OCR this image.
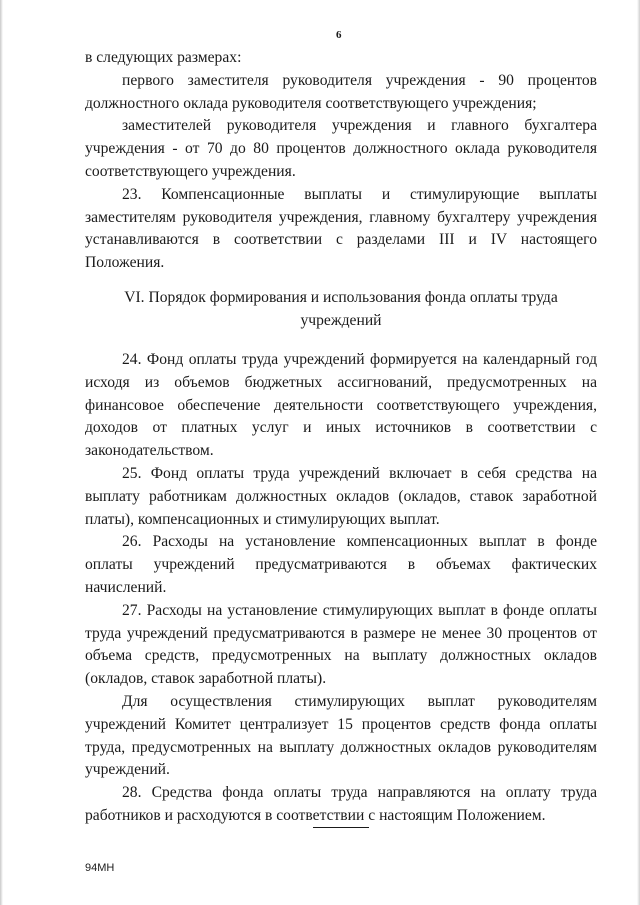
6

в следующих размерах:

первого заместителя руководителя учреждения - 90 процентов должностного оклада руководителя соответствующего учреждения;

заместителей руководителя учреждения и главного бухгалтера учреждения - от 70 до 80 процентов должностного оклада руководителя соответствующего учреждения.

23. Компенсационные выплаты и стимулирующие выплаты заместителям руководителя учреждения, главному бухгалтеру учреждения устанавливаются в соответствии с разделами III и IV настоящего Положения.

VI. Порядок формирования и использования фонда оплаты труда
учреждений

24. Фонд оплаты труда учреждений формируется на календарный год исходя из объемов бюджетных ассигнований, предусмотренных на финансовое обеспечение деятельности соответствующего учреждения, доходов от платных услуг и иных источников в соответствии с законодательством.

25. Фонд оплаты труда учреждений включает в себя средства на выплату работникам должностных окладов (окладов, ставок заработной платы), компенсационных и стимулирующих выплат.

26. Расходы на установление компенсационных выплат в фонде оплаты учреждений предусматриваются в объемах фактических начислений.

27. Расходы на установление стимулирующих выплат в фонде оплаты труда учреждений предусматриваются в размере не менее 30 процентов от объема средств, предусмотренных на выплату должностных окладов (окладов, ставок заработной платы).

Для осуществления стимулирующих выплат руководителям учреждений Комитет централизует 15 процентов средств фонда оплаты труда, предусмотренных на выплату должностных окладов руководителям учреждений.

28. Средства фонда оплаты труда направляются на оплату труда работников и расходуются в соответствии с настоящим Положением.

94МН
